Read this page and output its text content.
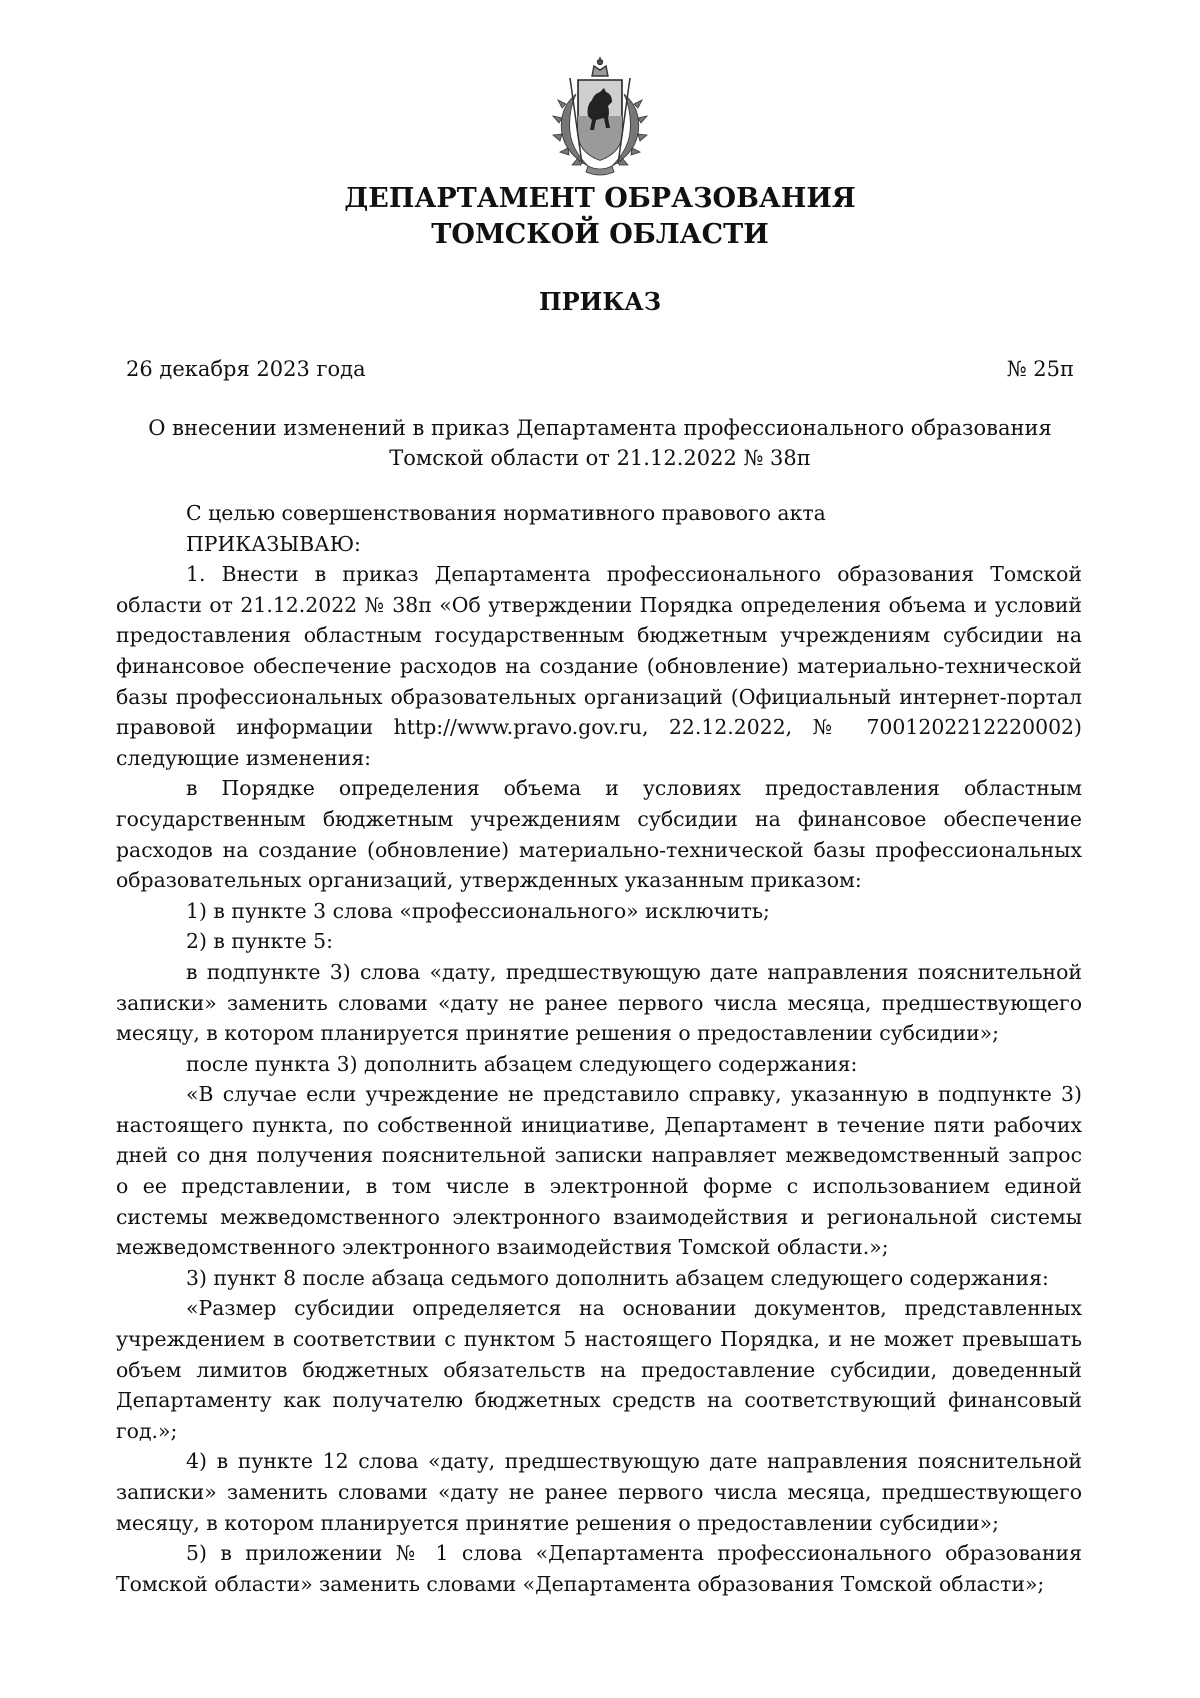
ДЕПАРТАМЕНТ ОБРАЗОВАНИЯ
ТОМСКОЙ ОБЛАСТИ
ПРИКАЗ
26 декабря 2023 года	№ 25п

О внесении изменений в приказ Департамента профессионального образования Томской области от 21.12.2022 № 38п

С целью совершенствования нормативного правового акта

ПРИКАЗЫВАЮ:

1. Внести в приказ Департамента профессионального образования Томской области от 21.12.2022 № 38п «Об утверждении Порядка определения объема и условий предоставления областным государственным бюджетным учреждениям субсидии на финансовое обеспечение расходов на создание (обновление) материально-технической базы профессиональных образовательных организаций (Официальный интернет-портал правовой информации http://www.pravo.gov.ru, 22.12.2022, № 7001202212220002) следующие изменения:

в Порядке определения объема и условиях предоставления областным государственным бюджетным учреждениям субсидии на финансовое обеспечение расходов на создание (обновление) материально-технической базы профессиональных образовательных организаций, утвержденных указанным приказом:

1) в пункте 3 слова «профессионального» исключить;

2) в пункте 5:

в подпункте 3) слова «дату, предшествующую дате направления пояснительной записки» заменить словами «дату не ранее первого числа месяца, предшествующего месяцу, в котором планируется принятие решения о предоставлении субсидии»;

после пункта 3) дополнить абзацем следующего содержания:

«В случае если учреждение не представило справку, указанную в подпункте 3) настоящего пункта, по собственной инициативе, Департамент в течение пяти рабочих дней со дня получения пояснительной записки направляет межведомственный запрос о ее представлении, в том числе в электронной форме с использованием единой системы межведомственного электронного взаимодействия и региональной системы межведомственного электронного взаимодействия Томской области.»;

3) пункт 8 после абзаца седьмого дополнить абзацем следующего содержания:

«Размер субсидии определяется на основании документов, представленных учреждением в соответствии с пунктом 5 настоящего Порядка, и не может превышать объем лимитов бюджетных обязательств на предоставление субсидии, доведенный Департаменту как получателю бюджетных средств на соответствующий финансовый год.»;

4) в пункте 12 слова «дату, предшествующую дате направления пояснительной записки» заменить словами «дату не ранее первого числа месяца, предшествующего месяцу, в котором планируется принятие решения о предоставлении субсидии»;

5) в приложении № 1 слова «Департамента профессионального образования Томской области» заменить словами «Департамента образования Томской области»;
